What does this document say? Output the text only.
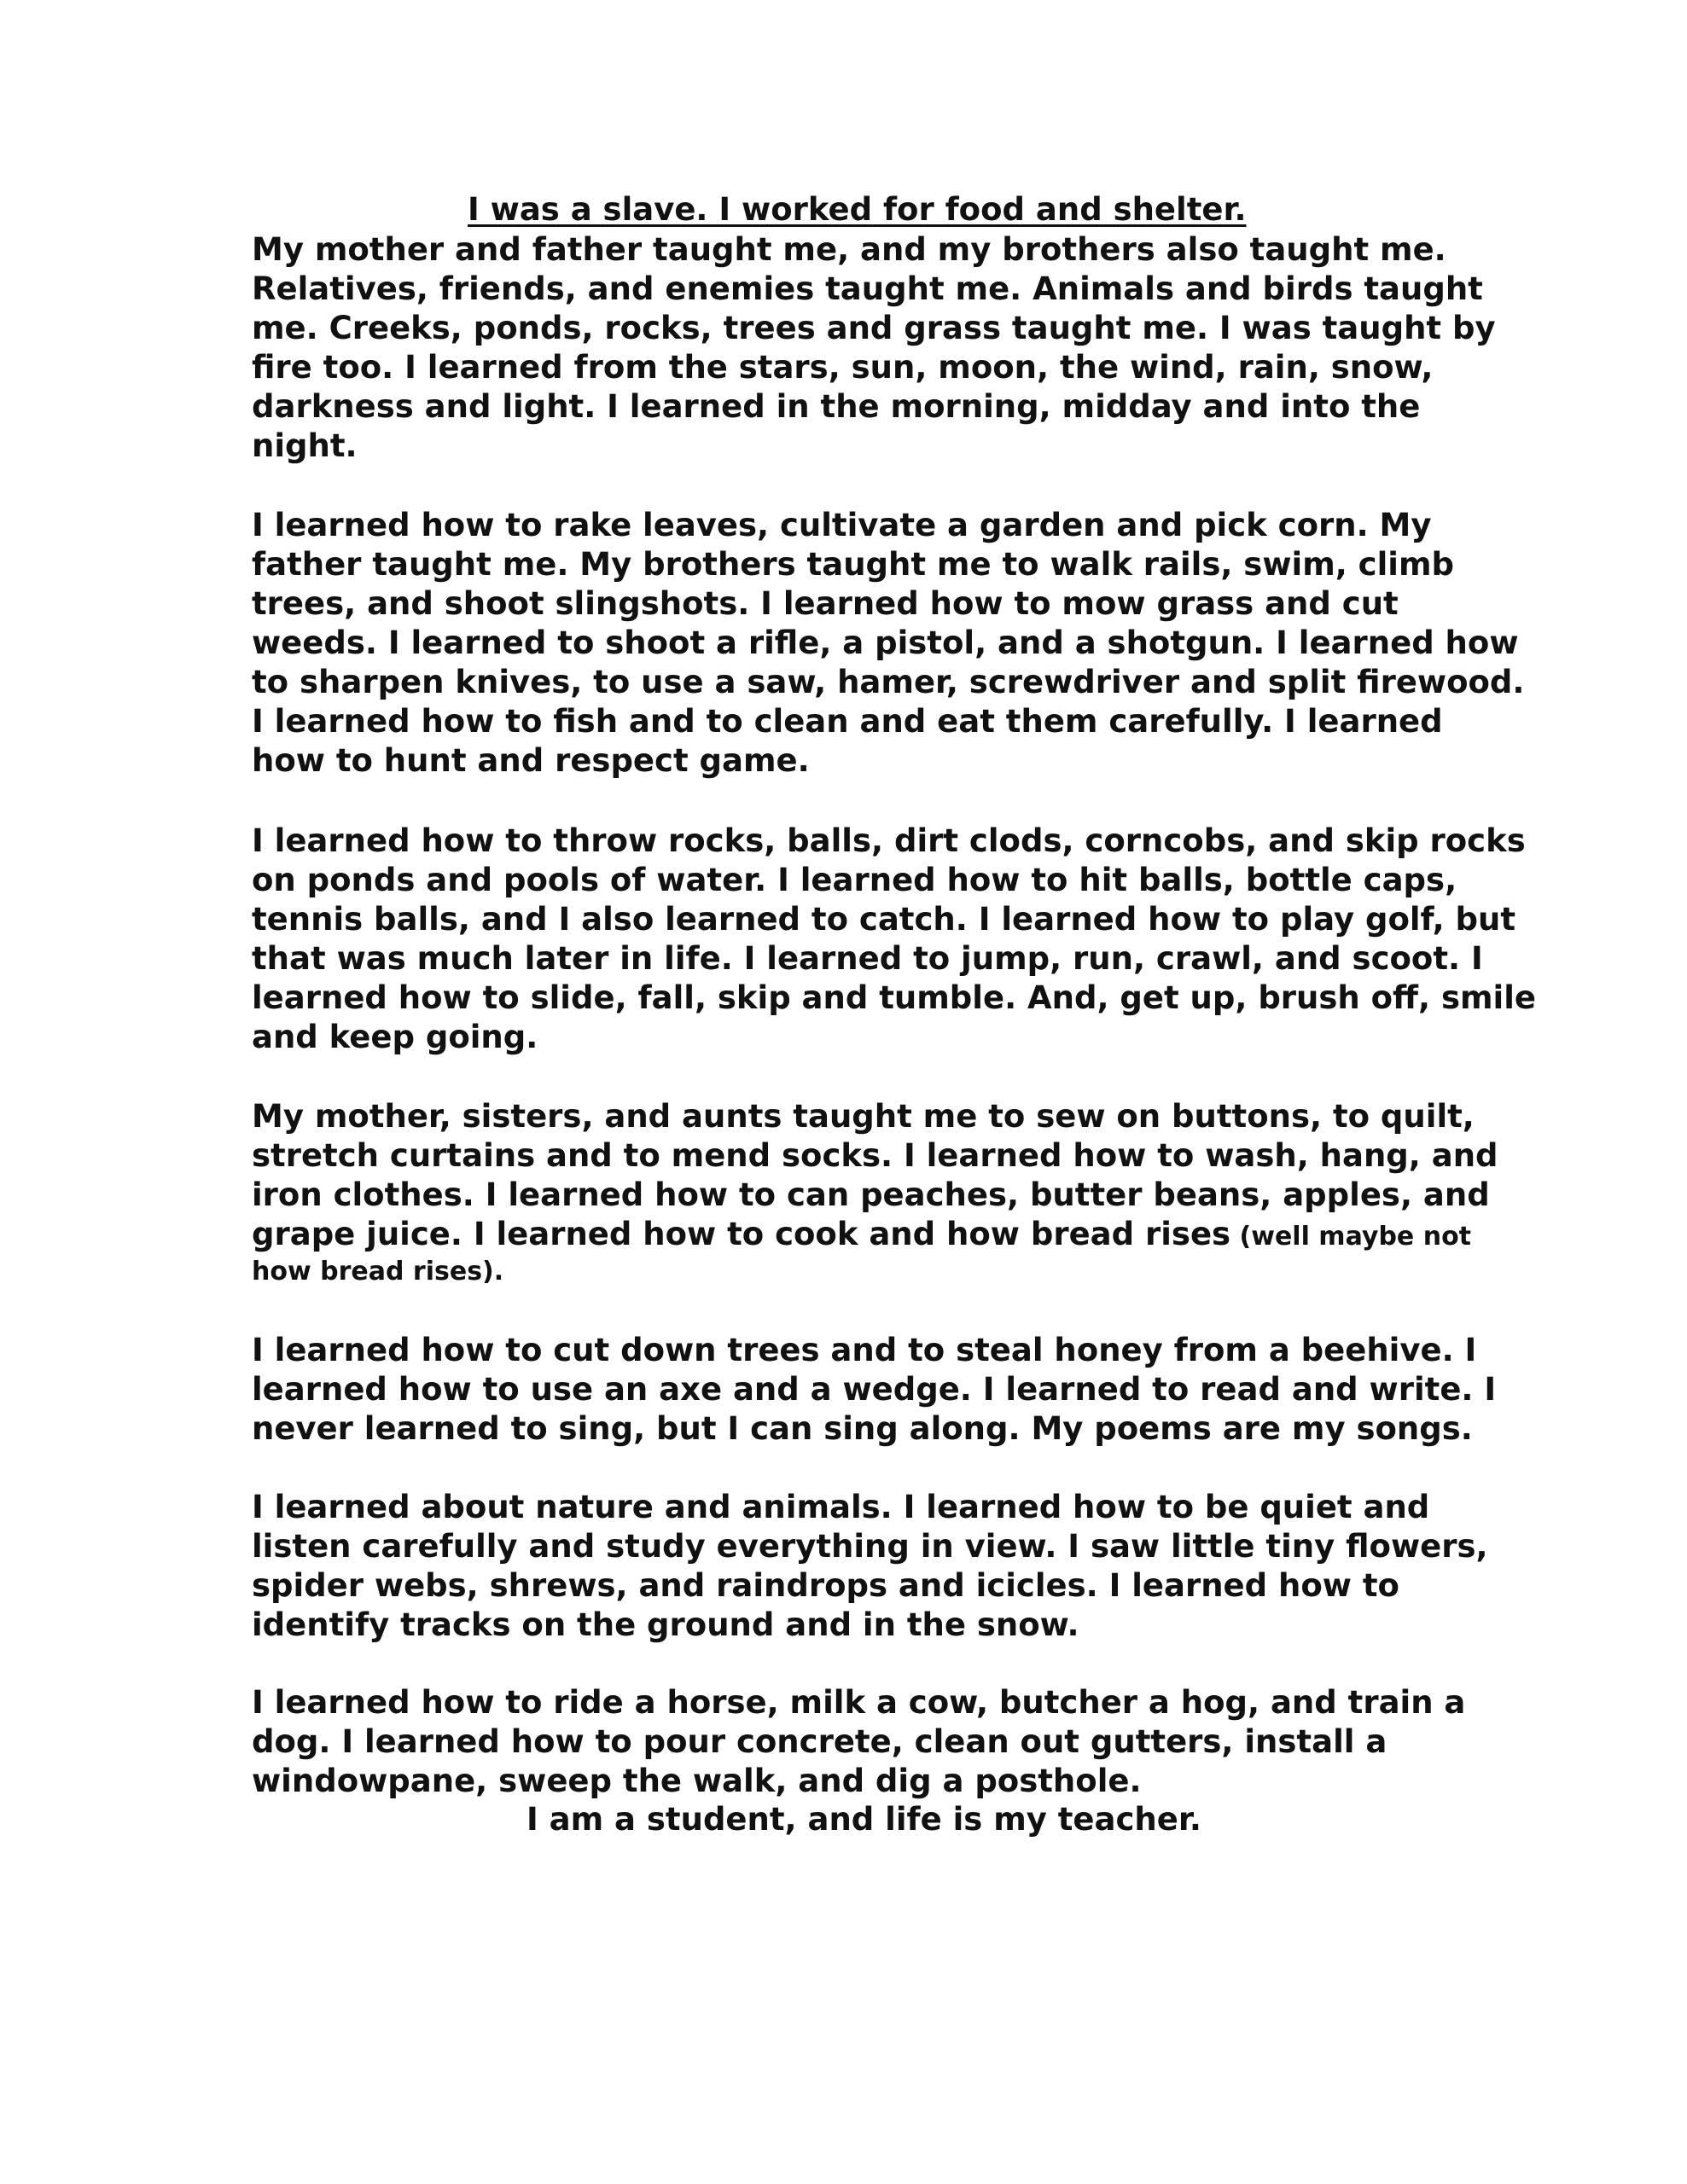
I was a slave. I worked for food and shelter.
My mother and father taught me, and my brothers also taught me.
Relatives, friends, and enemies taught me. Animals and birds taught
me. Creeks, ponds, rocks, trees and grass taught me. I was taught by
fire too. I learned from the stars, sun, moon, the wind, rain, snow,
darkness and light. I learned in the morning, midday and into the
night.
I learned how to rake leaves, cultivate a garden and pick corn. My
father taught me. My brothers taught me to walk rails, swim, climb
trees, and shoot slingshots. I learned how to mow grass and cut
weeds. I learned to shoot a rifle, a pistol, and a shotgun. I learned how
to sharpen knives, to use a saw, hamer, screwdriver and split firewood.
I learned how to fish and to clean and eat them carefully. I learned
how to hunt and respect game.
I learned how to throw rocks, balls, dirt clods, corncobs, and skip rocks
on ponds and pools of water. I learned how to hit balls, bottle caps,
tennis balls, and I also learned to catch. I learned how to play golf, but
that was much later in life. I learned to jump, run, crawl, and scoot. I
learned how to slide, fall, skip and tumble. And, get up, brush off, smile
and keep going.
My mother, sisters, and aunts taught me to sew on buttons, to quilt,
stretch curtains and to mend socks. I learned how to wash, hang, and
iron clothes. I learned how to can peaches, butter beans, apples, and
grape juice. I learned how to cook and how bread rises (well maybe not
how bread rises).
I learned how to cut down trees and to steal honey from a beehive. I
learned how to use an axe and a wedge. I learned to read and write. I
never learned to sing, but I can sing along. My poems are my songs.
I learned about nature and animals. I learned how to be quiet and
listen carefully and study everything in view. I saw little tiny flowers,
spider webs, shrews, and raindrops and icicles. I learned how to
identify tracks on the ground and in the snow.
I learned how to ride a horse, milk a cow, butcher a hog, and train a
dog. I learned how to pour concrete, clean out gutters, install a
windowpane, sweep the walk, and dig a posthole.
I am a student, and life is my teacher.
